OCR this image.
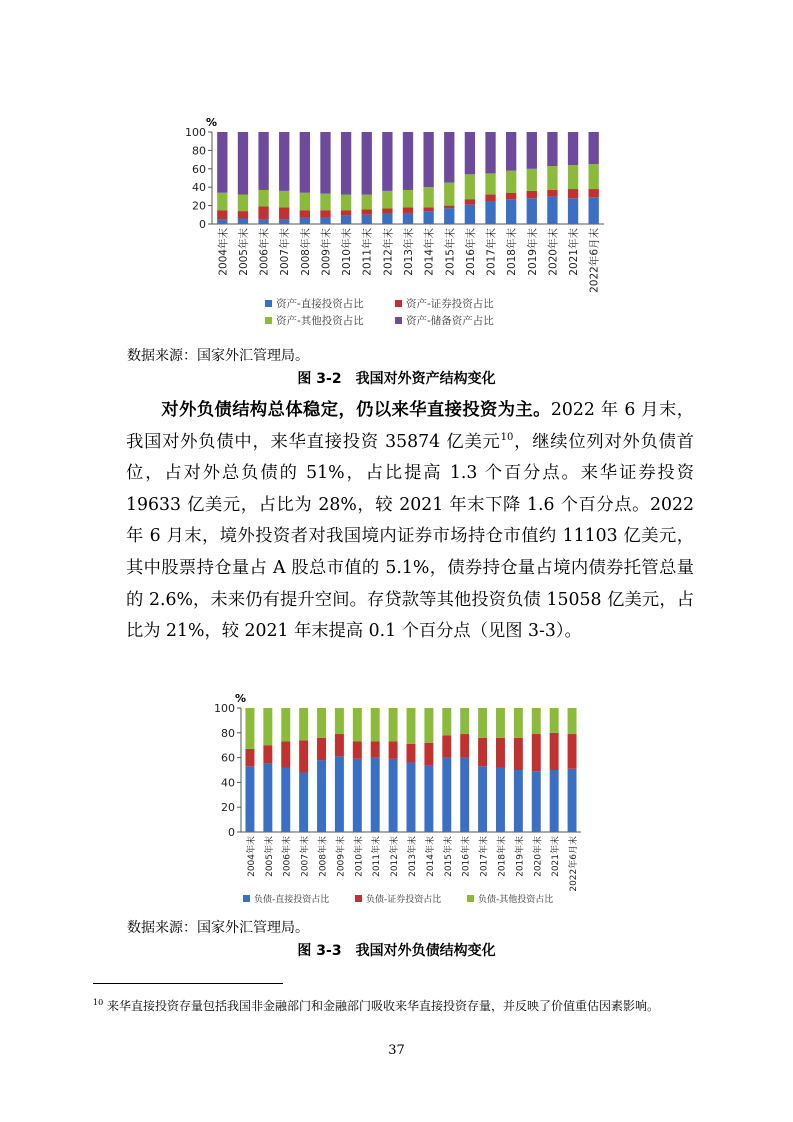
%
0
20
40
60
80
100
2004年末 2005年末 2006年末 2007年末 2008年末 2009年末 2010年末 2011年末 2012年末 2013年末 2014年末 2015年末 2016年末 2017年末 2018年末 2019年末 2020年末 2021年末 2022年6月末
资产-直接投资占比	资产-证券投资占比
资产-其他投资占比	资产-储备资产占比
数据来源：国家外汇管理局。
图 3-2　我国对外资产结构变化

对外负债结构总体稳定，仍以来华直接投资为主。2022 年 6 月末，我国对外负债中，来华直接投资 35874 亿美元$^{10}$，继续位列对外负债首位，占对外总负债的 51%，占比提高 1.3 个百分点。来华证券投资 19633 亿美元，占比为 28%，较 2021 年末下降 1.6 个百分点。2022 年 6 月末，境外投资者对我国境内证券市场持仓市值约 11103 亿美元，其中股票持仓量占 A 股总市值的 5.1%，债券持仓量占境内债券托管总量的 2.6%，未来仍有提升空间。存贷款等其他投资负债 15058 亿美元，占比为 21%，较 2021 年末提高 0.1 个百分点（见图 3-3）。

%
0
20
40
60
80
100
2004年末 2005年末 2006年末 2007年末 2008年末 2009年末 2010年末 2011年末 2012年末 2013年末 2014年末 2015年末 2016年末 2017年末 2018年末 2019年末 2020年末 2021年末 2022年6月末
负债-直接投资占比	负债-证券投资占比	负债-其他投资占比
数据来源：国家外汇管理局。
图 3-3　我国对外负债结构变化

$^{10}$ 来华直接投资存量包括我国非金融部门和金融部门吸收来华直接投资存量，并反映了价值重估因素影响。

37
